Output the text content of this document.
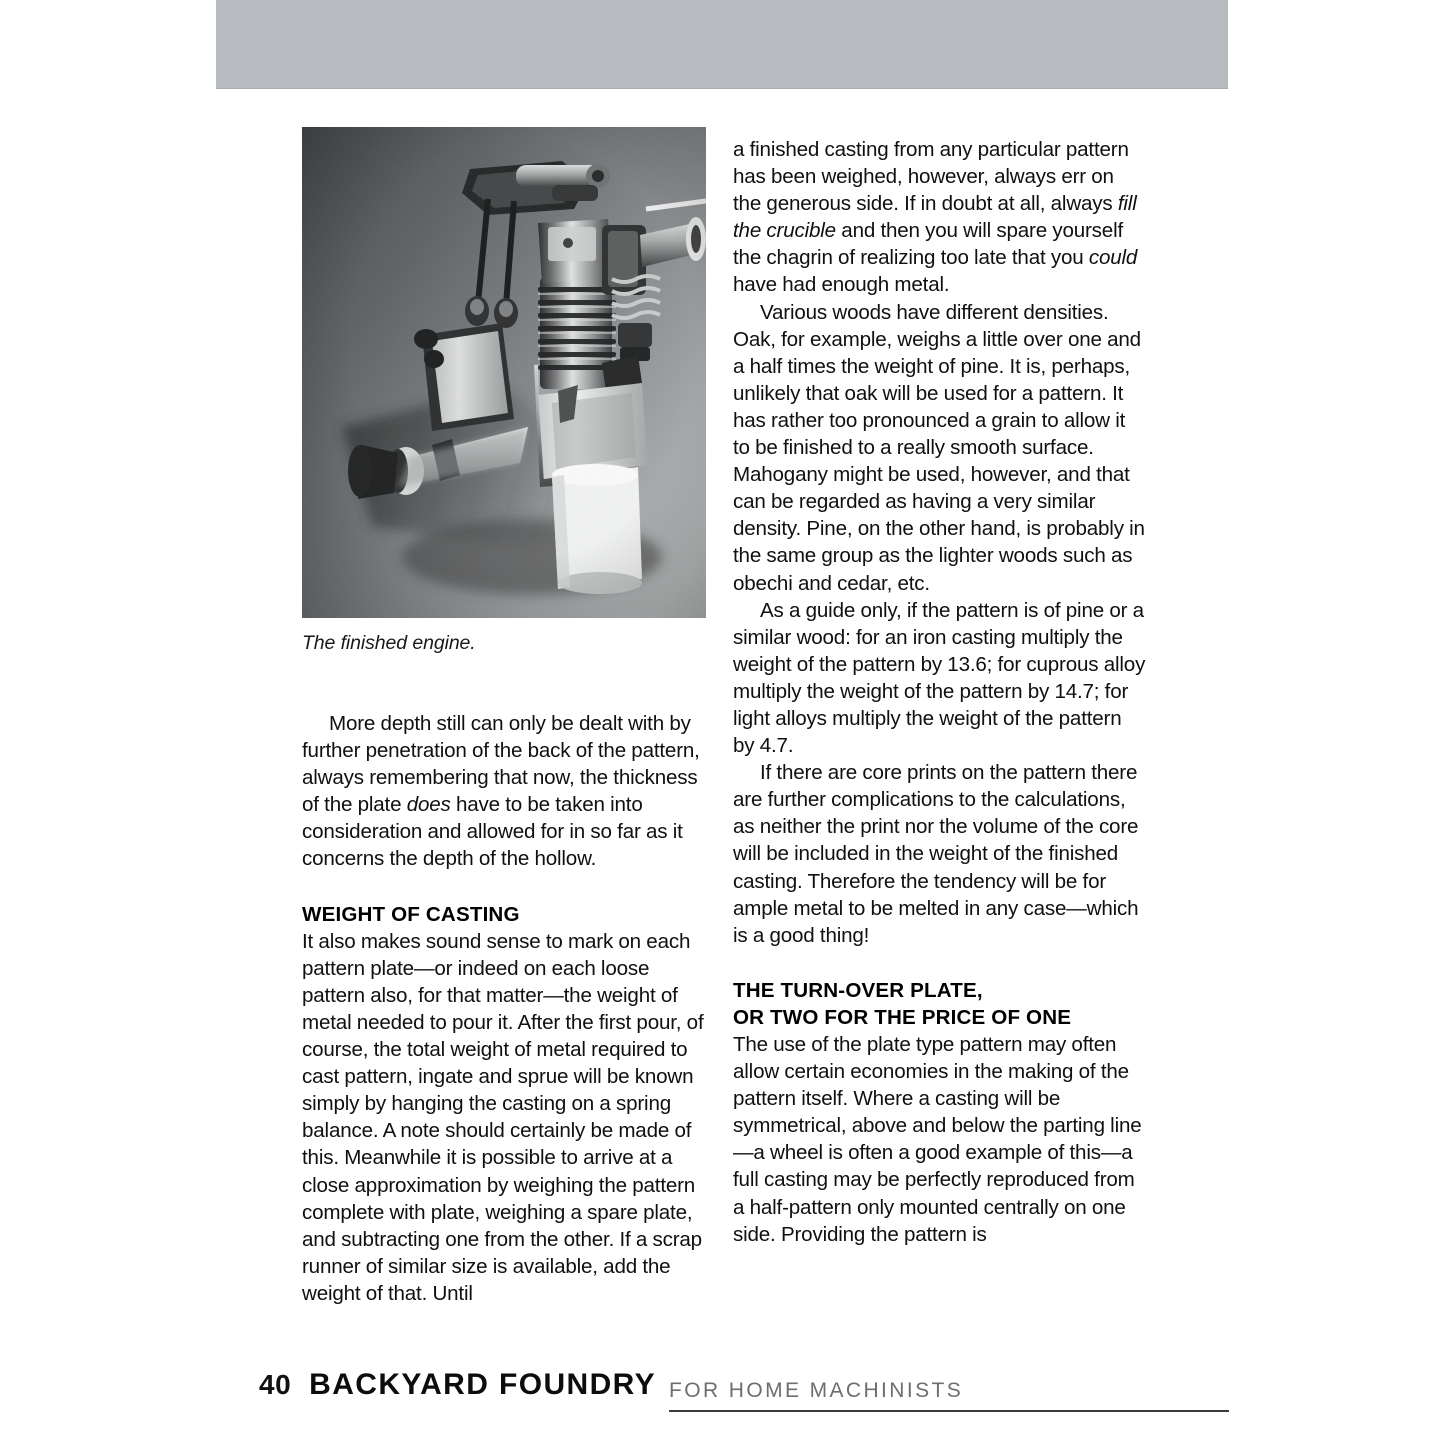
The finished engine.

More depth still can only be dealt with by further penetration of the back of the pattern, always remembering that now, the thickness of the plate does have to be taken into consideration and allowed for in so far as it concerns the depth of the hollow.

WEIGHT OF CASTING

It also makes sound sense to mark on each pattern plate—or indeed on each loose pattern also, for that matter—the weight of metal needed to pour it. After the first pour, of course, the total weight of metal required to cast pattern, ingate and sprue will be known simply by hanging the casting on a spring balance. A note should certainly be made of this. Meanwhile it is possible to arrive at a close approximation by weighing the pattern complete with plate, weighing a spare plate, and subtracting one from the other. If a scrap runner of similar size is available, add the weight of that. Until

a finished casting from any particular pattern has been weighed, however, always err on the generous side. If in doubt at all, always fill the crucible and then you will spare yourself the chagrin of realizing too late that you could have had enough metal.

Various woods have different densities. Oak, for example, weighs a little over one and a half times the weight of pine. It is, perhaps, unlikely that oak will be used for a pattern. It has rather too pronounced a grain to allow it to be finished to a really smooth surface. Mahogany might be used, however, and that can be regarded as having a very similar density. Pine, on the other hand, is probably in the same group as the lighter woods such as obechi and cedar, etc.

As a guide only, if the pattern is of pine or a similar wood: for an iron casting multiply the weight of the pattern by 13.6; for cuprous alloy multiply the weight of the pattern by 14.7; for light alloys multiply the weight of the pattern by 4.7.

If there are core prints on the pattern there are further complications to the calculations, as neither the print nor the volume of the core will be included in the weight of the finished casting. Therefore the tendency will be for ample metal to be melted in any case—which is a good thing!

THE TURN-OVER PLATE,
OR TWO FOR THE PRICE OF ONE

The use of the plate type pattern may often allow certain economies in the making of the pattern itself. Where a casting will be symmetrical, above and below the parting line—a wheel is often a good example of this—a full casting may be perfectly reproduced from a half-pattern only mounted centrally on one side. Providing the pattern is

40 BACKYARD FOUNDRY FOR HOME MACHINISTS
